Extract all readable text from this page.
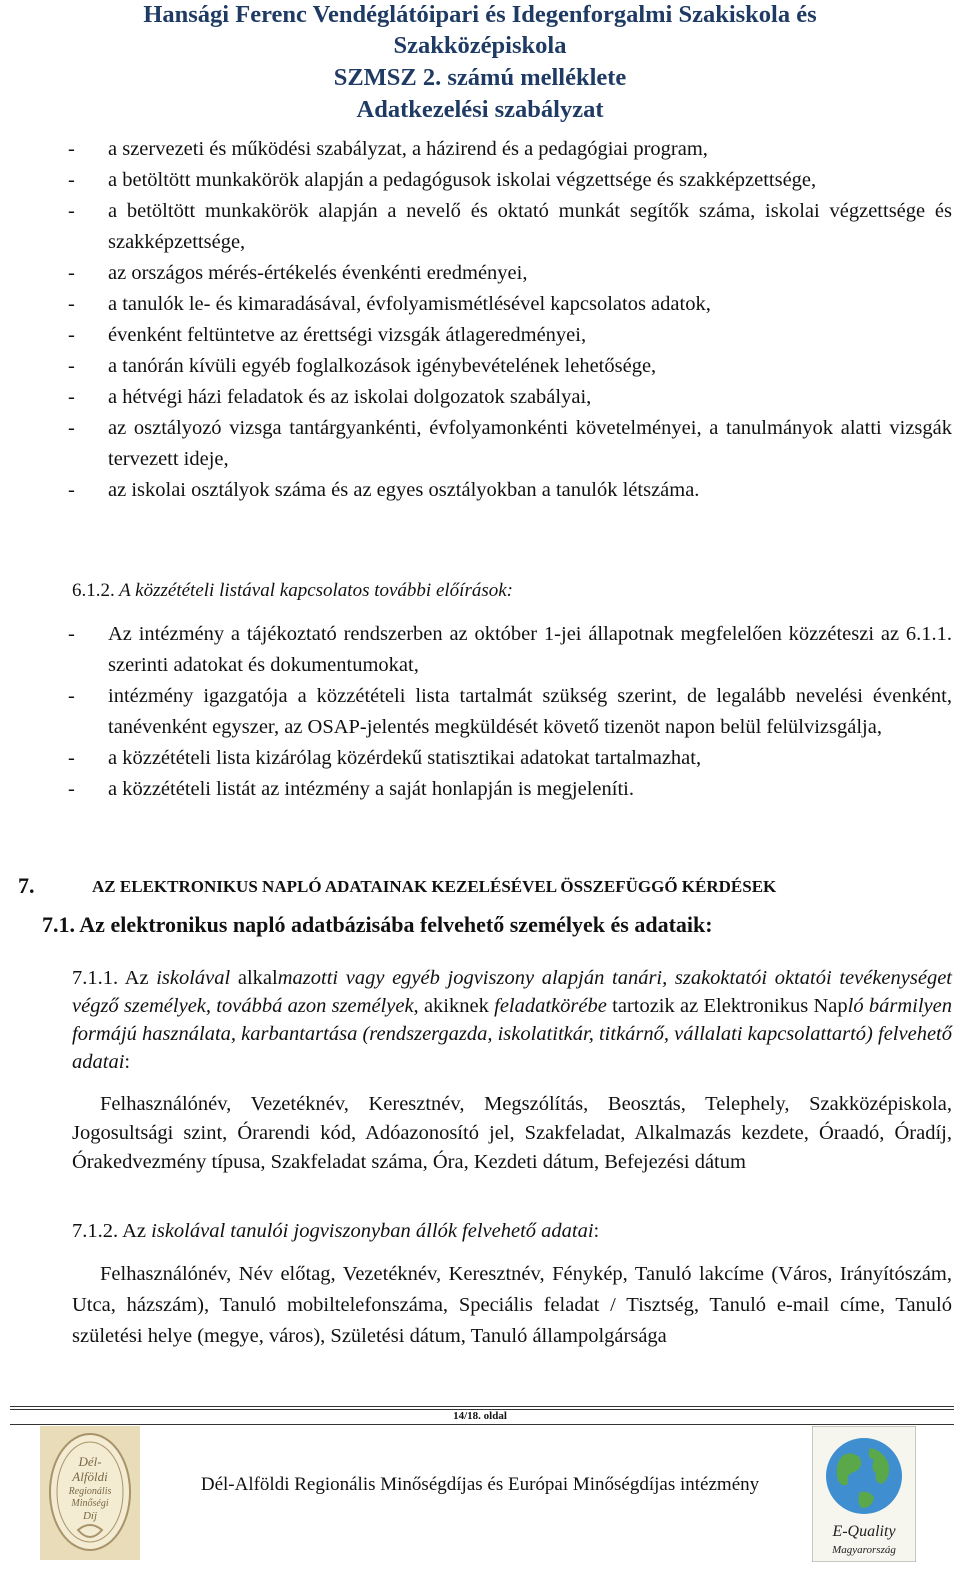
Hansági Ferenc Vendéglátóipari és Idegenforgalmi Szakiskola és
Szakközépiskola
SZMSZ 2. számú melléklete
Adatkezelési szabályzat
- a szervezeti és működési szabályzat, a házirend és a pedagógiai program,
- a betöltött munkakörök alapján a pedagógusok iskolai végzettsége és szakképzettsége,
- a betöltött munkakörök alapján a nevelő és oktató munkát segítők száma, iskolai végzettsége és szakképzettsége,
- az országos mérés-értékelés évenkénti eredményei,
- a tanulók le- és kimaradásával, évfolyamismétlésével kapcsolatos adatok,
- évenként feltüntetve az érettségi vizsgák átlageredményei,
- a tanórán kívüli egyéb foglalkozások igénybevételének lehetősége,
- a hétvégi házi feladatok és az iskolai dolgozatok szabályai,
- az osztályozó vizsga tantárgyankénti, évfolyamonkénti követelményei, a tanulmányok alatti vizsgák tervezett ideje,
- az iskolai osztályok száma és az egyes osztályokban a tanulók létszáma.
6.1.2. A közzétételi listával kapcsolatos további előírások:
- Az intézmény a tájékoztató rendszerben az október 1-jei állapotnak megfelelően közzéteszi az 6.1.1. szerinti adatokat és dokumentumokat,
- intézmény igazgatója a közzétételi lista tartalmát szükség szerint, de legalább nevelési évenként, tanévenként egyszer, az OSAP-jelentés megküldését követő tizenöt napon belül felülvizsgálja,
- a közzétételi lista kizárólag közérdekű statisztikai adatokat tartalmazhat,
- a közzétételi listát az intézmény a saját honlapján is megjeleníti.
7.	AZ ELEKTRONIKUS NAPLÓ ADATAINAK KEZELÉSÉVEL ÖSSZEFÜGGŐ KÉRDÉSEK
7.1. Az elektronikus napló adatbázisába felvehető személyek és adataik:
7.1.1. Az iskolával alkalmazotti vagy egyéb jogviszony alapján tanári, szakoktatói oktatói tevékenységet végző személyek, továbbá azon személyek, akiknek feladatkörébe tartozik az Elektronikus Napló bármilyen formájú használata, karbantartása (rendszergazda, iskolatitkár, titkárnő, vállalati kapcsolattartó) felvehető adatai:
Felhasználónév, Vezetéknév, Keresztnév, Megszólítás, Beosztás, Telephely, Szakközépiskola, Jogosultsági szint, Órarendi kód, Adóazonosító jel, Szakfeladat, Alkalmazás kezdete, Óraadó, Óradíj, Órakedvezmény típusa, Szakfeladat száma, Óra, Kezdeti dátum, Befejezési dátum
7.1.2. Az iskolával tanulói jogviszonyban állók felvehető adatai:
Felhasználónév, Név előtag, Vezetéknév, Keresztnév, Fénykép, Tanuló lakcíme (Város, Irányítószám, Utca, házszám), Tanuló mobiltelefonszáma, Speciális feladat / Tisztség, Tanuló e-mail címe, Tanuló születési helye (megye, város), Születési dátum, Tanuló állampolgársága
14/18. oldal
Dél-
Alföldi
Regionális
Minőségi
Díj
Dél-Alföldi Regionális Minőségdíjas és Európai Minőségdíjas intézmény
E-Quality
Magyarország
